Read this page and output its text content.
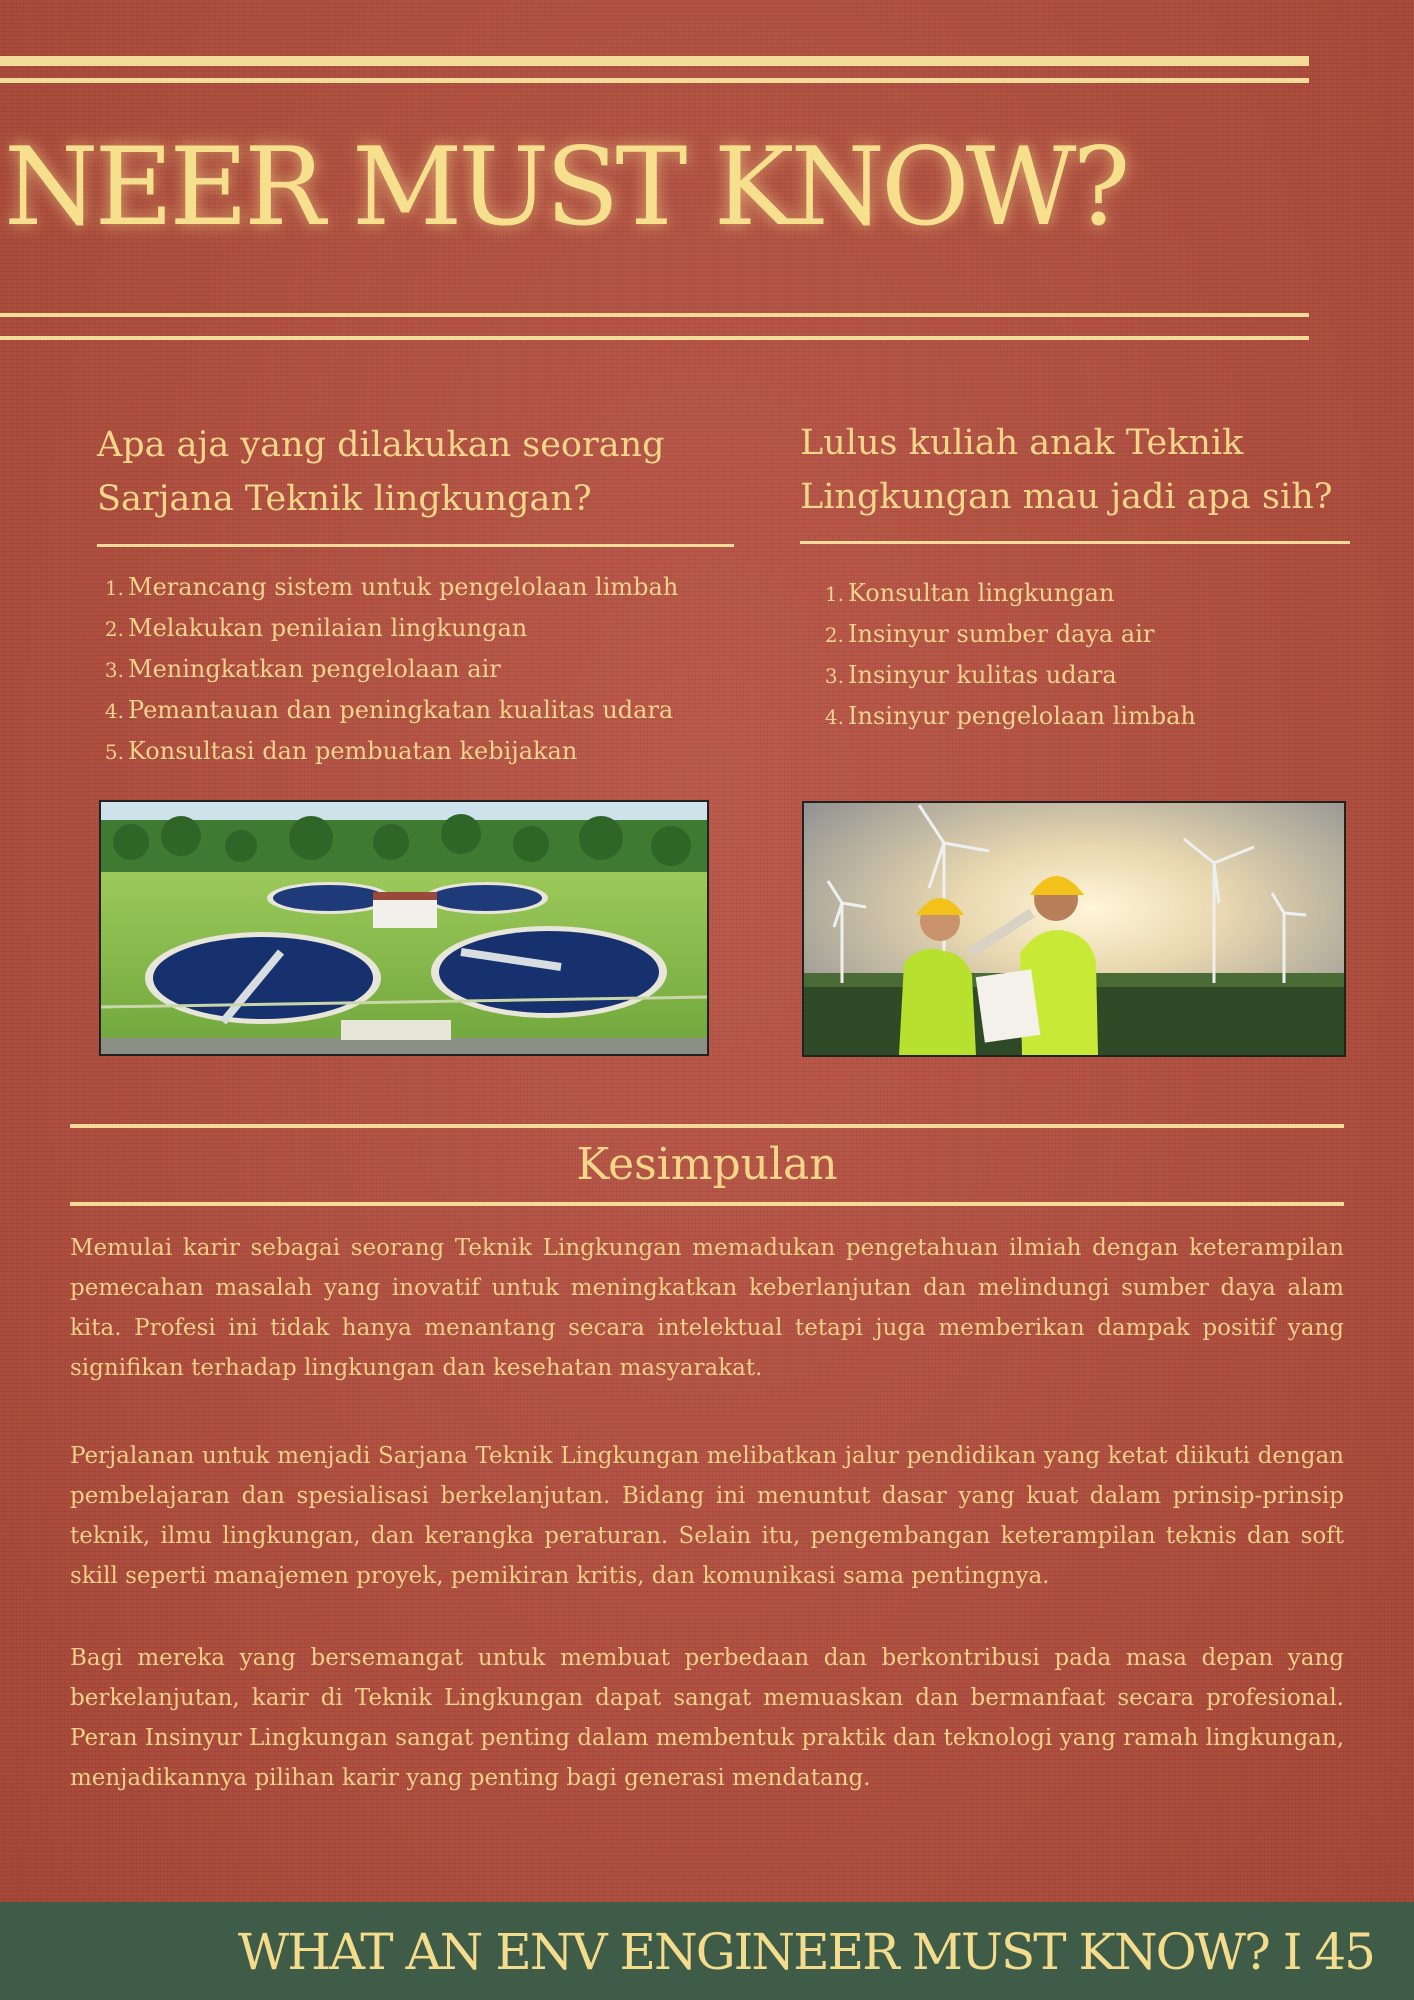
NEER MUST KNOW?
Apa aja yang dilakukan seorang
Sarjana Teknik lingkungan?
1. Merancang sistem untuk pengelolaan limbah
2. Melakukan penilaian lingkungan
3. Meningkatkan pengelolaan air
4. Pemantauan dan peningkatan kualitas udara
5. Konsultasi dan pembuatan kebijakan
Lulus kuliah anak Teknik
Lingkungan mau jadi apa sih?
1. Konsultan lingkungan
2. Insinyur sumber daya air
3. Insinyur kulitas udara
4. Insinyur pengelolaan limbah
Kesimpulan

Memulai karir sebagai seorang Teknik Lingkungan memadukan pengetahuan ilmiah dengan keterampilan pemecahan masalah yang inovatif untuk meningkatkan keberlanjutan dan melindungi sumber daya alam kita. Profesi ini tidak hanya menantang secara intelektual tetapi juga memberikan dampak positif yang signifikan terhadap lingkungan dan kesehatan masyarakat.

Perjalanan untuk menjadi Sarjana Teknik Lingkungan melibatkan jalur pendidikan yang ketat diikuti dengan pembelajaran dan spesialisasi berkelanjutan. Bidang ini menuntut dasar yang kuat dalam prinsip-prinsip teknik, ilmu lingkungan, dan kerangka peraturan. Selain itu, pengembangan keterampilan teknis dan soft skill seperti manajemen proyek, pemikiran kritis, dan komunikasi sama pentingnya.

Bagi mereka yang bersemangat untuk membuat perbedaan dan berkontribusi pada masa depan yang berkelanjutan, karir di Teknik Lingkungan dapat sangat memuaskan dan bermanfaat secara profesional. Peran Insinyur Lingkungan sangat penting dalam membentuk praktik dan teknologi yang ramah lingkungan, menjadikannya pilihan karir yang penting bagi generasi mendatang.

WHAT AN ENV ENGINEER MUST KNOW? I 45
